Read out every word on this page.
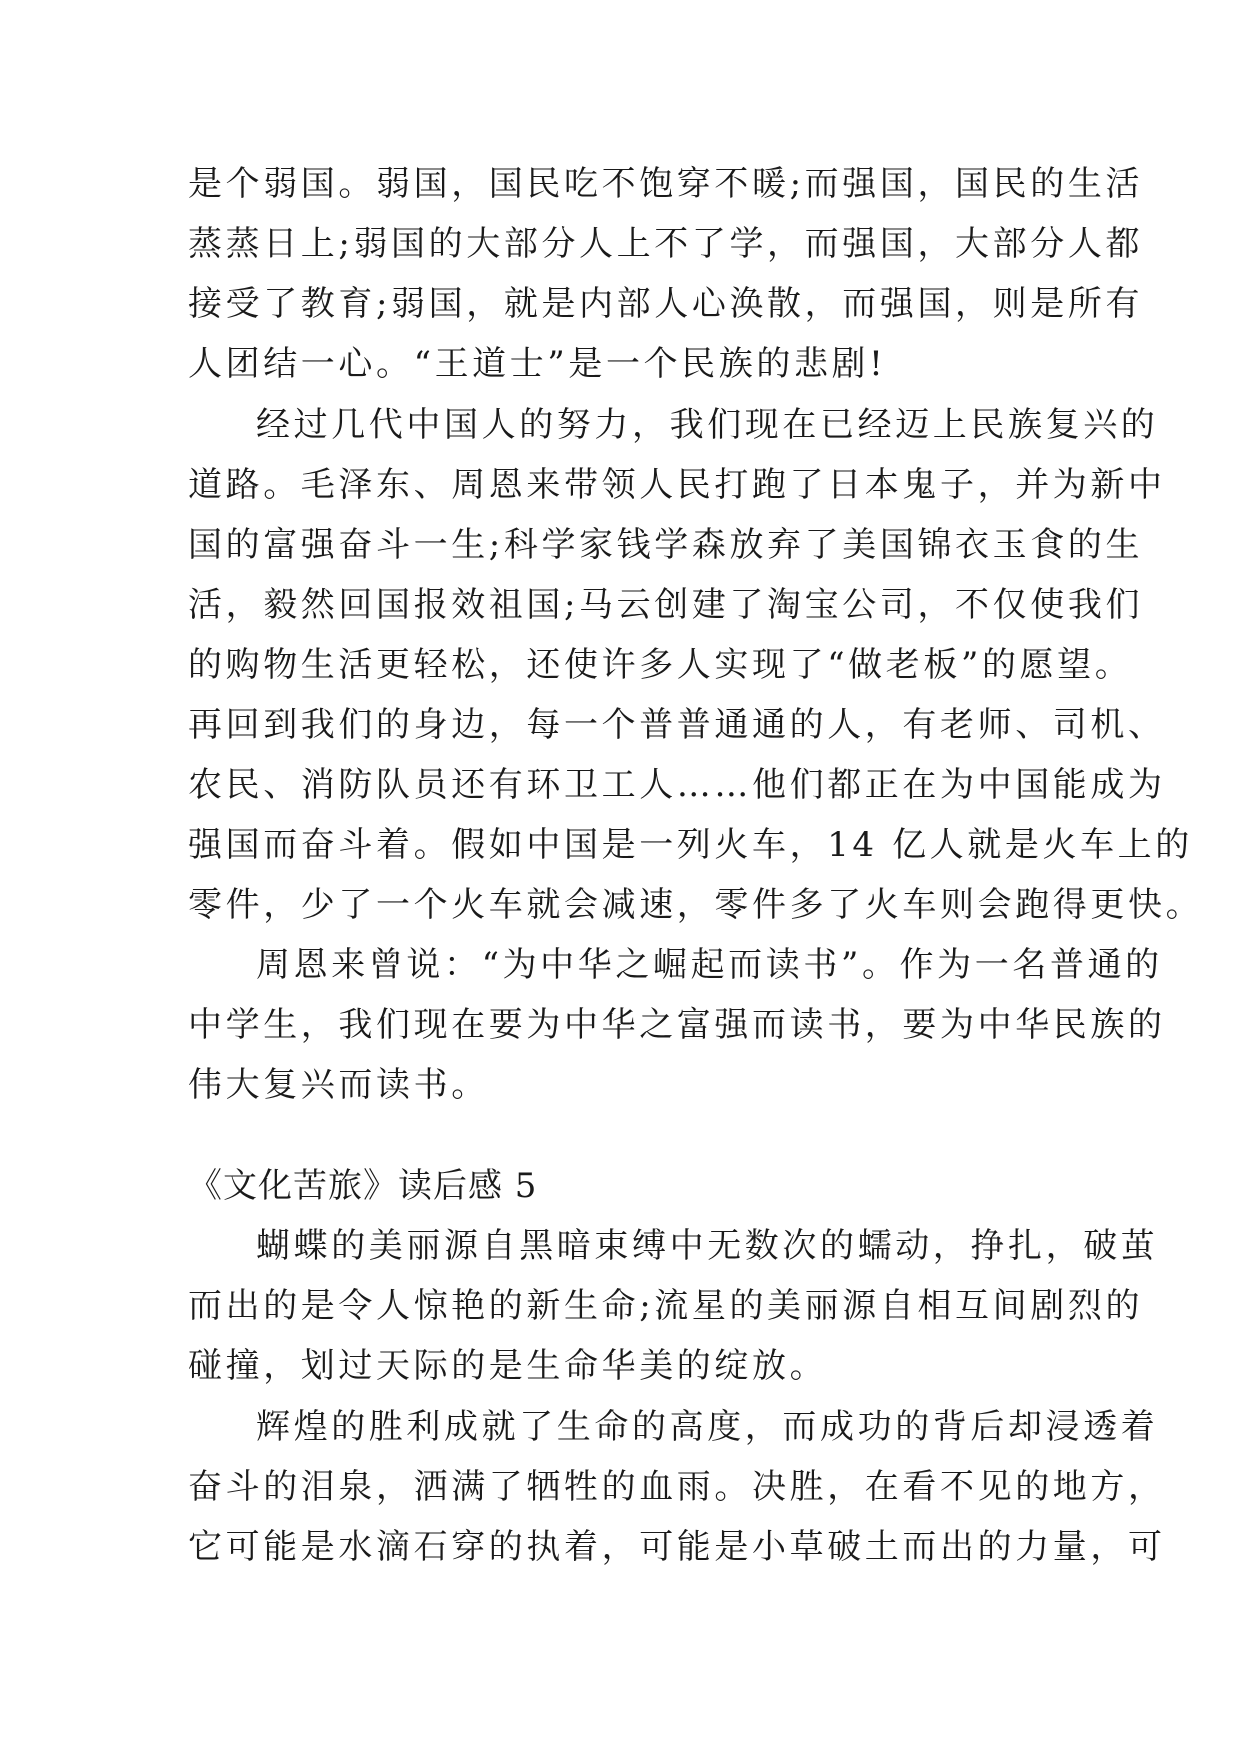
是个弱国。弱国，国民吃不饱穿不暖;而强国，国民的生活
蒸蒸日上;弱国的大部分人上不了学，而强国，大部分人都
接受了教育;弱国，就是内部人心涣散，而强国，则是所有
人团结一心。“王道士”是一个民族的悲剧!
经过几代中国人的努力，我们现在已经迈上民族复兴的
道路。毛泽东、周恩来带领人民打跑了日本鬼子，并为新中
国的富强奋斗一生;科学家钱学森放弃了美国锦衣玉食的生
活，毅然回国报效祖国;马云创建了淘宝公司，不仅使我们
的购物生活更轻松，还使许多人实现了“做老板”的愿望。
再回到我们的身边，每一个普普通通的人，有老师、司机、
农民、消防队员还有环卫工人……他们都正在为中国能成为
强国而奋斗着。假如中国是一列火车，14 亿人就是火车上的
零件，少了一个火车就会减速，零件多了火车则会跑得更快。
周恩来曾说：“为中华之崛起而读书”。作为一名普通的
中学生，我们现在要为中华之富强而读书，要为中华民族的
伟大复兴而读书。
《文化苦旅》读后感 5
蝴蝶的美丽源自黑暗束缚中无数次的蠕动，挣扎，破茧
而出的是令人惊艳的新生命;流星的美丽源自相互间剧烈的
碰撞，划过天际的是生命华美的绽放。
辉煌的胜利成就了生命的高度，而成功的背后却浸透着
奋斗的泪泉，洒满了牺牲的血雨。决胜，在看不见的地方，
它可能是水滴石穿的执着，可能是小草破土而出的力量，可
